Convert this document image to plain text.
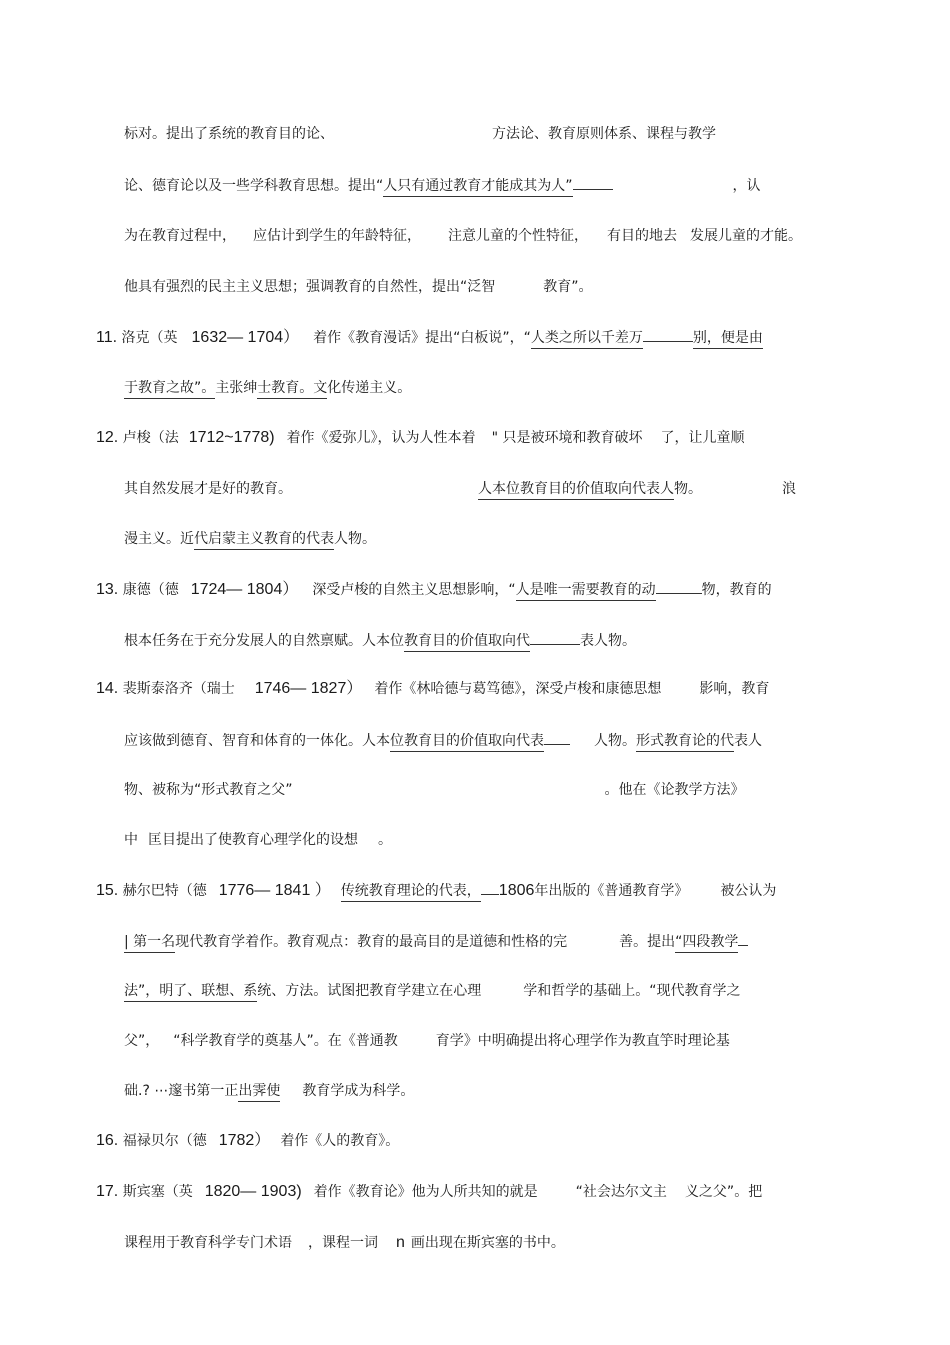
标对。提出了系统的教育目的论、	方法论、教育原则体系、课程与教学
论、德育论以及一些学科教育思想。提出“人只有通过教育才能成其为人”	，认
为在教育过程中， 应估计到学生的年龄特征， 注意儿童的个性特征， 有目的地去 发展儿童的才能。
他具有强烈的民主主义思想；强调教育的自然性，提出“泛智	教育”。
11. 洛克（英 1632— 1704） 着作《教育漫话》提出“白板说”，“人类之所以千差万	别，便是由
于教育之故”。主张绅士教育。文化传递主义。
12. 卢梭（法 1712~1778) 着作《爱弥儿》，认为人性本着 " 只是被环境和教育破坏 了，让儿童顺
其自然发展才是好的教育。	人本位教育目的价值取向代表人物。	浪
漫主义。近代启蒙主义教育的代表人物。
13. 康德（德 1724— 1804） 深受卢梭的自然主义思想影响，“人是唯一需要教育的动	物，教育的
根本任务在于充分发展人的自然禀赋。人本位教育目的价值取向代	表人物。
14. 裴斯泰洛齐（瑞士 1746— 1827） 着作《林哈德与葛笃德》，深受卢梭和康德思想	影响，教育
应该做到德育、智育和体育的一体化。人本位教育目的价值取向代表	人物。形式教育论的代表人
物、被称为“形式教育之父”	。他在《论教学方法》
中 匡目提出了使教育心理学化的设想 。
15. 赫尔巴特（德 1776— 1841 ） 传统教育理论的代表， 1806年出版的《普通教育学》 被公认为
| 第一名现代教育学着作。教育观点：教育的最高目的是道德和性格的完	善。提出“四段教学
法”，明了、联想、系统、方法。试图把教育学建立在心理	学和哲学的基础上。“现代教育学之
父”， “科学教育学的奠基人”。在《普通教	育学》中明确提出将心理学作为教直竽时理论基
础.? ⋯邃书第一正出霁使 教育学成为科学。
16. 福禄贝尔（德 1782） 着作《人的教育》。
17. 斯宾塞（英 1820— 1903) 着作《教育论》他为人所共知的就是	“社会达尔文主 义之父”。把
课程用于教育科学专门术语 ，课程一词 n 画出现在斯宾塞的书中。
